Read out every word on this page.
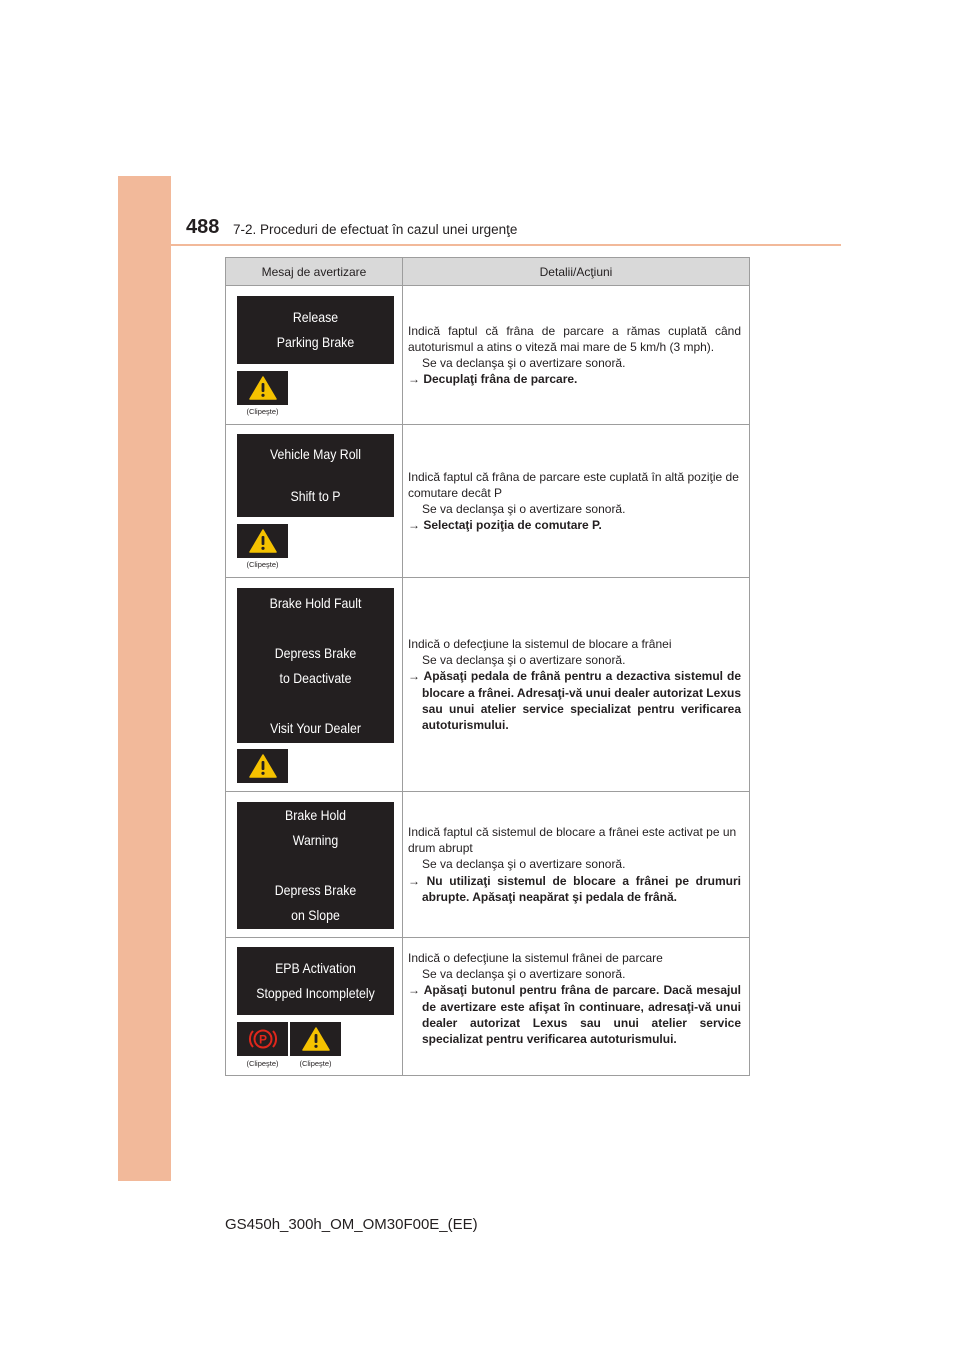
488 7-2. Proceduri de efectuat în cazul unei urgenţe
Mesaj de avertizare	Detalii/Acţiuni
Release
Parking Brake
(Clipeşte)
Indică faptul că frâna de parcare a rămas cuplată când autoturismul a atins o viteză mai mare de 5 km/h (3 mph).
Se va declanşa şi o avertizare sonoră.
→ Decuplaţi frâna de parcare.
Vehicle May Roll
Shift to P
(Clipeşte)
Indică faptul că frâna de parcare este cuplată în altă poziţie de comutare decât P
Se va declanşa şi o avertizare sonoră.
→ Selectaţi poziţia de comutare P.
Brake Hold Fault
Depress Brake
to Deactivate
Visit Your Dealer
Indică o defecţiune la sistemul de blocare a frânei
Se va declanşa şi o avertizare sonoră.
→ Apăsaţi pedala de frână pentru a dezactiva sistemul de blocare a frânei. Adresaţi-vă unui dealer autorizat Lexus sau unui atelier service specializat pentru verificarea autoturismului.
Brake Hold
Warning
Depress Brake
on Slope
Indică faptul că sistemul de blocare a frânei este activat pe un drum abrupt
Se va declanşa şi o avertizare sonoră.
→ Nu utilizaţi sistemul de blocare a frânei pe drumuri abrupte. Apăsaţi neapărat şi pedala de frână.
EPB Activation
Stopped Incompletely
P
(Clipeşte)	(Clipeşte)
Indică o defecţiune la sistemul frânei de parcare
Se va declanşa şi o avertizare sonoră.
→ Apăsaţi butonul pentru frâna de parcare. Dacă mesajul de avertizare este afişat în continuare, adresaţi-vă unui dealer autorizat Lexus sau unui atelier service specializat pentru verificarea autoturismului.
GS450h_300h_OM_OM30F00E_(EE)
